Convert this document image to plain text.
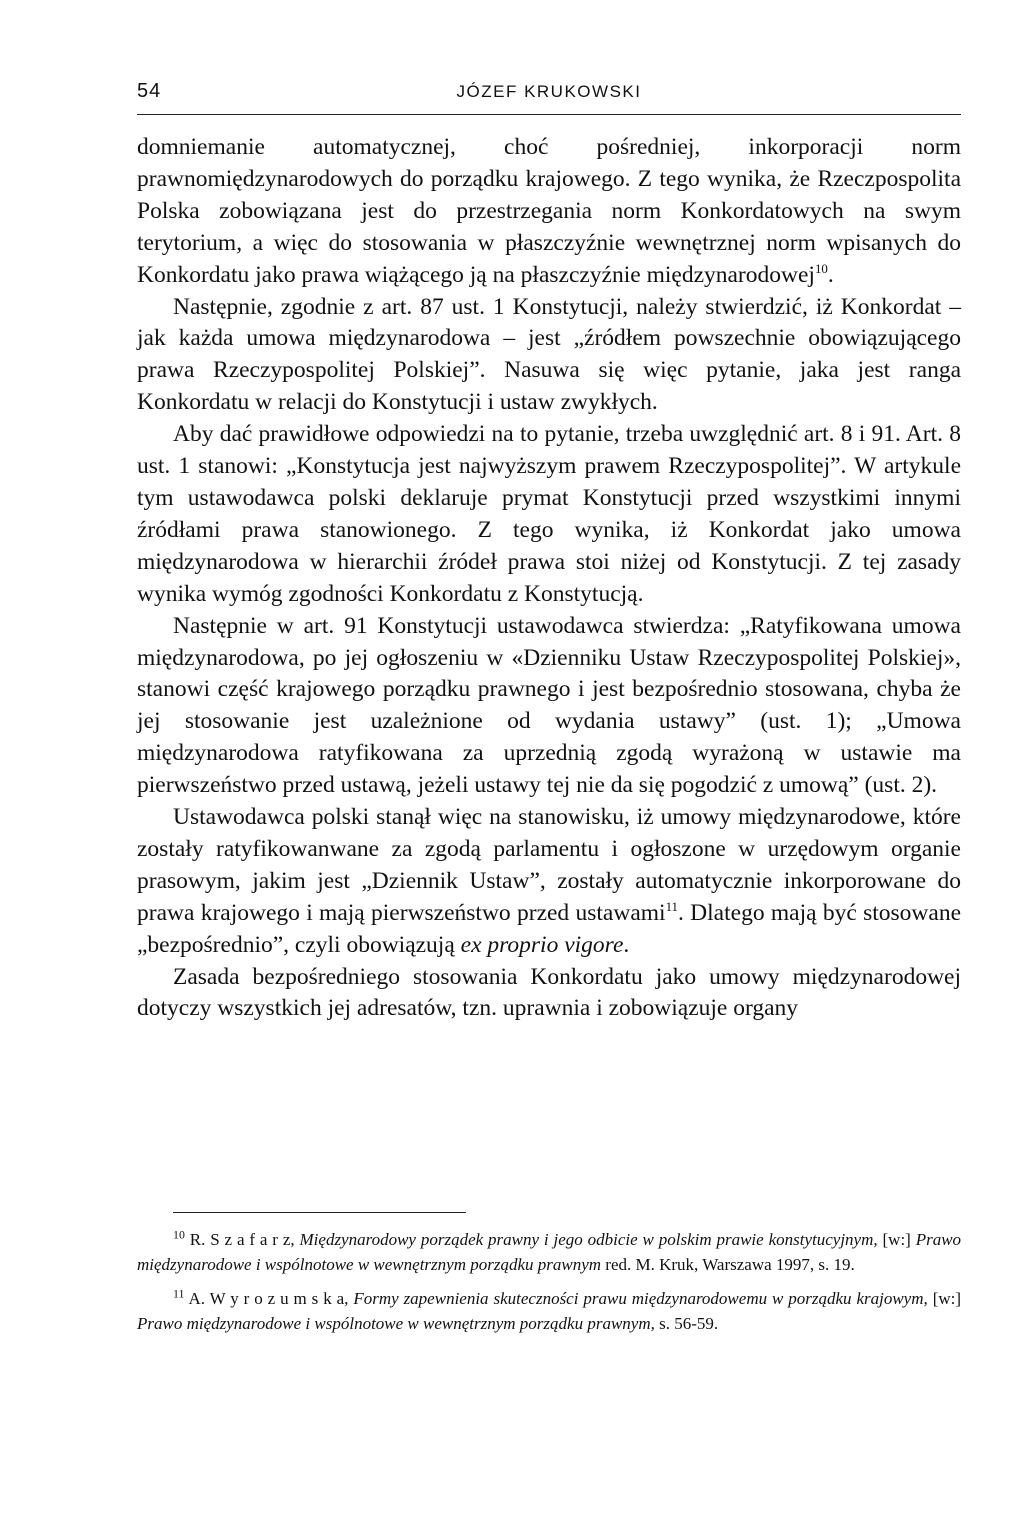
54	JÓZEF KRUKOWSKI

domniemanie automatycznej, choć pośredniej, inkorporacji norm prawnomiędzynarodowych do porządku krajowego. Z tego wynika, że Rzeczpospolita Polska zobowiązana jest do przestrzegania norm Konkordatowych na swym terytorium, a więc do stosowania w płaszczyźnie wewnętrznej norm wpisanych do Konkordatu jako prawa wiążącego ją na płaszczyźnie międzynarodowej$^{10}$.

Następnie, zgodnie z art. 87 ust. 1 Konstytucji, należy stwierdzić, iż Konkordat – jak każda umowa międzynarodowa – jest „źródłem powszechnie obowiązującego prawa Rzeczypospolitej Polskiej”. Nasuwa się więc pytanie, jaka jest ranga Konkordatu w relacji do Konstytucji i ustaw zwykłych.

Aby dać prawidłowe odpowiedzi na to pytanie, trzeba uwzględnić art. 8 i 91. Art. 8 ust. 1 stanowi: „Konstytucja jest najwyższym prawem Rzeczypospolitej”. W artykule tym ustawodawca polski deklaruje prymat Konstytucji przed wszystkimi innymi źródłami prawa stanowionego. Z tego wynika, iż Konkordat jako umowa międzynarodowa w hierarchii źródeł prawa stoi niżej od Konstytucji. Z tej zasady wynika wymóg zgodności Konkordatu z Konstytucją.

Następnie w art. 91 Konstytucji ustawodawca stwierdza: „Ratyfikowana umowa międzynarodowa, po jej ogłoszeniu w «Dzienniku Ustaw Rzeczypospolitej Polskiej», stanowi część krajowego porządku prawnego i jest bezpośrednio stosowana, chyba że jej stosowanie jest uzależnione od wydania ustawy” (ust. 1); „Umowa międzynarodowa ratyfikowana za uprzednią zgodą wyrażoną w ustawie ma pierwszeństwo przed ustawą, jeżeli ustawy tej nie da się pogodzić z umową” (ust. 2).

Ustawodawca polski stanął więc na stanowisku, iż umowy międzynarodowe, które zostały ratyfikowanwane za zgodą parlamentu i ogłoszone w urzędowym organie prasowym, jakim jest „Dziennik Ustaw”, zostały automatycznie inkorporowane do prawa krajowego i mają pierwszeństwo przed ustawami$^{11}$. Dlatego mają być stosowane „bezpośrednio”, czyli obowiązują ex proprio vigore.

Zasada bezpośredniego stosowania Konkordatu jako umowy międzynarodowej dotyczy wszystkich jej adresatów, tzn. uprawnia i zobowiązuje organy

$^{10}$ R. S z a f a r z, Międzynarodowy porządek prawny i jego odbicie w polskim prawie konstytucyjnym, [w:] Prawo międzynarodowe i wspólnotowe w wewnętrznym porządku prawnym red. M. Kruk, Warszawa 1997, s. 19.

$^{11}$ A. W y r o z u m s k a, Formy zapewnienia skuteczności prawu międzynarodowemu w porządku krajowym, [w:] Prawo międzynarodowe i wspólnotowe w wewnętrznym porządku prawnym, s. 56-59.
